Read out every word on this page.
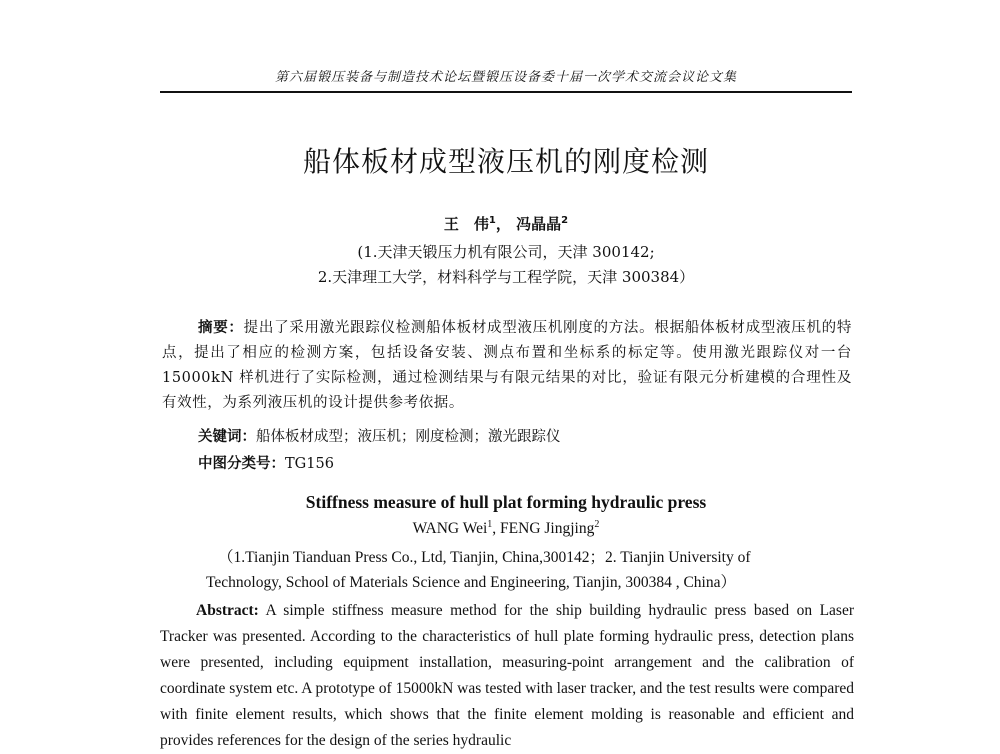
第六届锻压装备与制造技术论坛暨锻压设备委十届一次学术交流会议论文集
船体板材成型液压机的刚度检测
王　伟$^1$， 冯晶晶$^2$
(1.天津天锻压力机有限公司，天津 300142;
2.天津理工大学，材料科学与工程学院，天津 300384）
摘要：提出了采用激光跟踪仪检测船体板材成型液压机刚度的方法。根据船体板材成型液压机的特点，提出了相应的检测方案，包括设备安装、测点布置和坐标系的标定等。使用激光跟踪仪对一台 15000kN 样机进行了实际检测，通过检测结果与有限元结果的对比，验证有限元分析建模的合理性及有效性，为系列液压机的设计提供参考依据。
关键词：船体板材成型；液压机；刚度检测；激光跟踪仪
中图分类号：TG156
Stiffness measure of hull plat forming hydraulic press
WANG Wei$^1$, FENG Jingjing$^2$
（1.Tianjin Tianduan Press Co., Ltd, Tianjin, China,300142；2. Tianjin University of
Technology, School of Materials Science and Engineering, Tianjin, 300384 , China）
Abstract: A simple stiffness measure method for the ship building hydraulic press based on Laser Tracker was presented. According to the characteristics of hull plate forming hydraulic press, detection plans were presented, including equipment installation, measuring-point arrangement and the calibration of coordinate system etc. A prototype of 15000kN was tested with laser tracker, and the test results were compared with finite element results, which shows that the finite element molding is reasonable and efficient and provides references for the design of the series hydraulic
